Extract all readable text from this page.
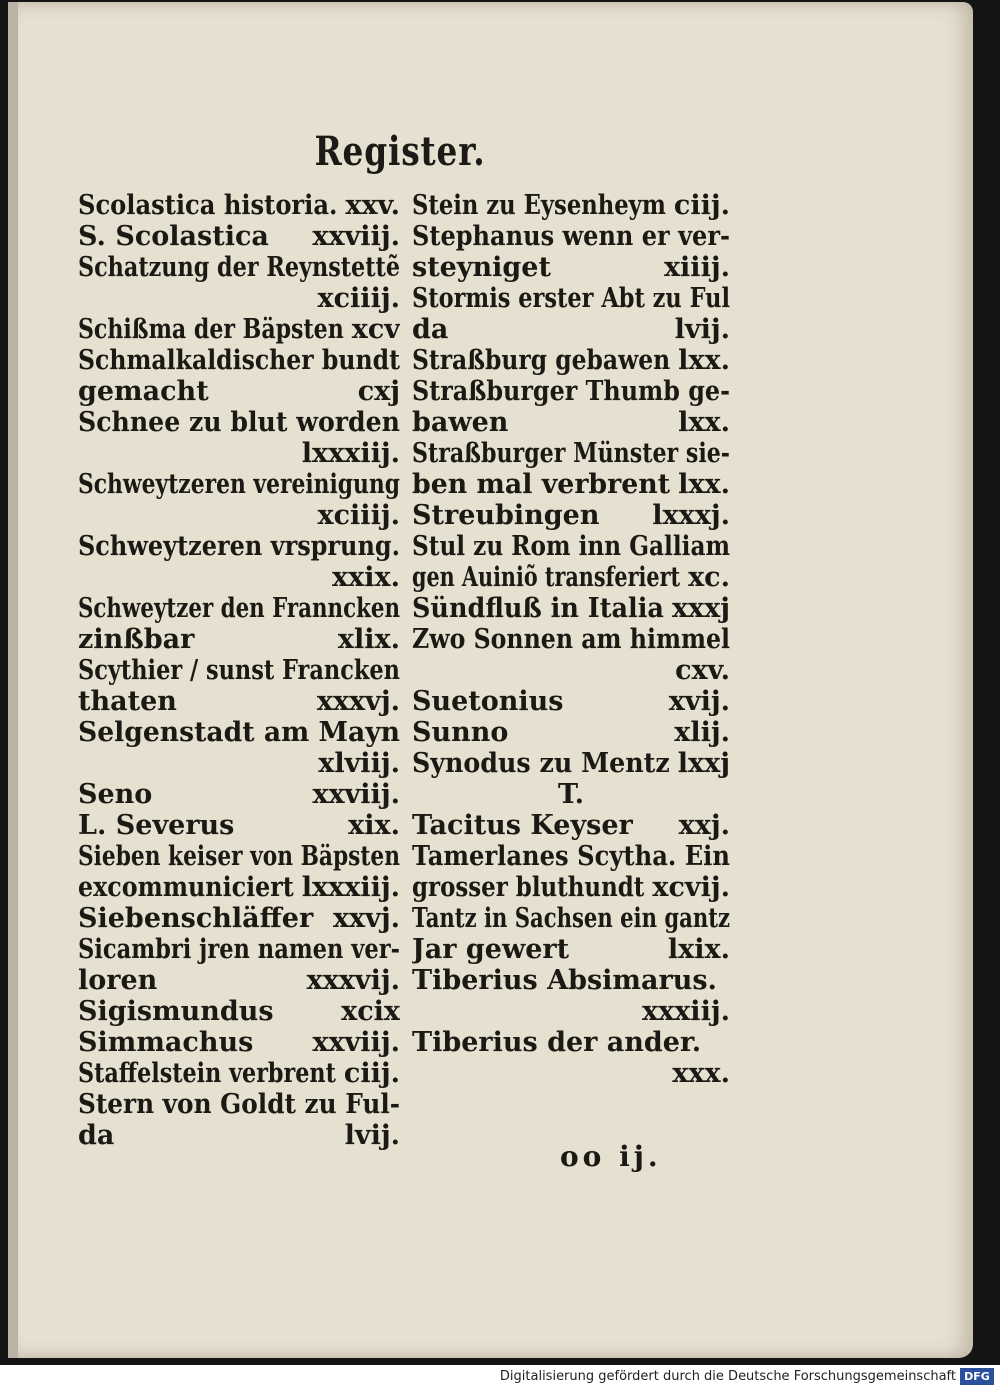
Register.
Scolastica historia. xxv.
S. Scolastica xxviij.
Schatzung der Reynstettẽ
xciiij.
Schißma der Bäpsten xcv
Schmalkaldischer bundt
gemacht	cxj
Schnee zu blut worden
lxxxiij.
Schweytzeren vereinigung
xciiij.
Schweytzeren vrsprung.
xxix.
Schweytzer den Franncken
zinßbar	xlix.
Scythier / sunst Francken
thaten	xxxvj.
Selgenstadt am Mayn
xlviij.
Seno	xxviij.
L. Severus	xix.
Sieben keiser von Bäpsten
excommuniciert lxxxiij.
Siebenschläffer xxvj.
Sicambri jren namen ver-
loren	xxxvij.
Sigismundus xcix
Simmachus xxviij.
Staffelstein verbrent ciij.
Stern von Goldt zu Ful-
da	lvij.
Stein zu Eysenheym ciij.
Stephanus wenn er ver-
steyniget	xiiij.
Stormis erster Abt zu Ful
da	lvij.
Straßburg gebawen lxx.
Straßburger Thumb ge-
bawen	lxx.
Straßburger Münster sie-
ben mal verbrent lxx.
Streubingen lxxxj.
Stul zu Rom inn Galliam
gen Auiniõ transferiert xc.
Sündfluß in Italia xxxj
Zwo Sonnen am himmel
cxv.
Suetonius	xvij.
Sunno	xlij.
Synodus zu Mentz lxxj
T.
Tacitus Keyser xxj.
Tamerlanes Scytha. Ein
grosser bluthundt xcvij.
Tantz in Sachsen ein gantz
Jar gewert	lxix.
Tiberius Absimarus.
xxxiij.
Tiberius der ander.
xxx.
oo ij.
Digitalisierung gefördert durch die Deutsche Forschungsgemeinschaft DFG
